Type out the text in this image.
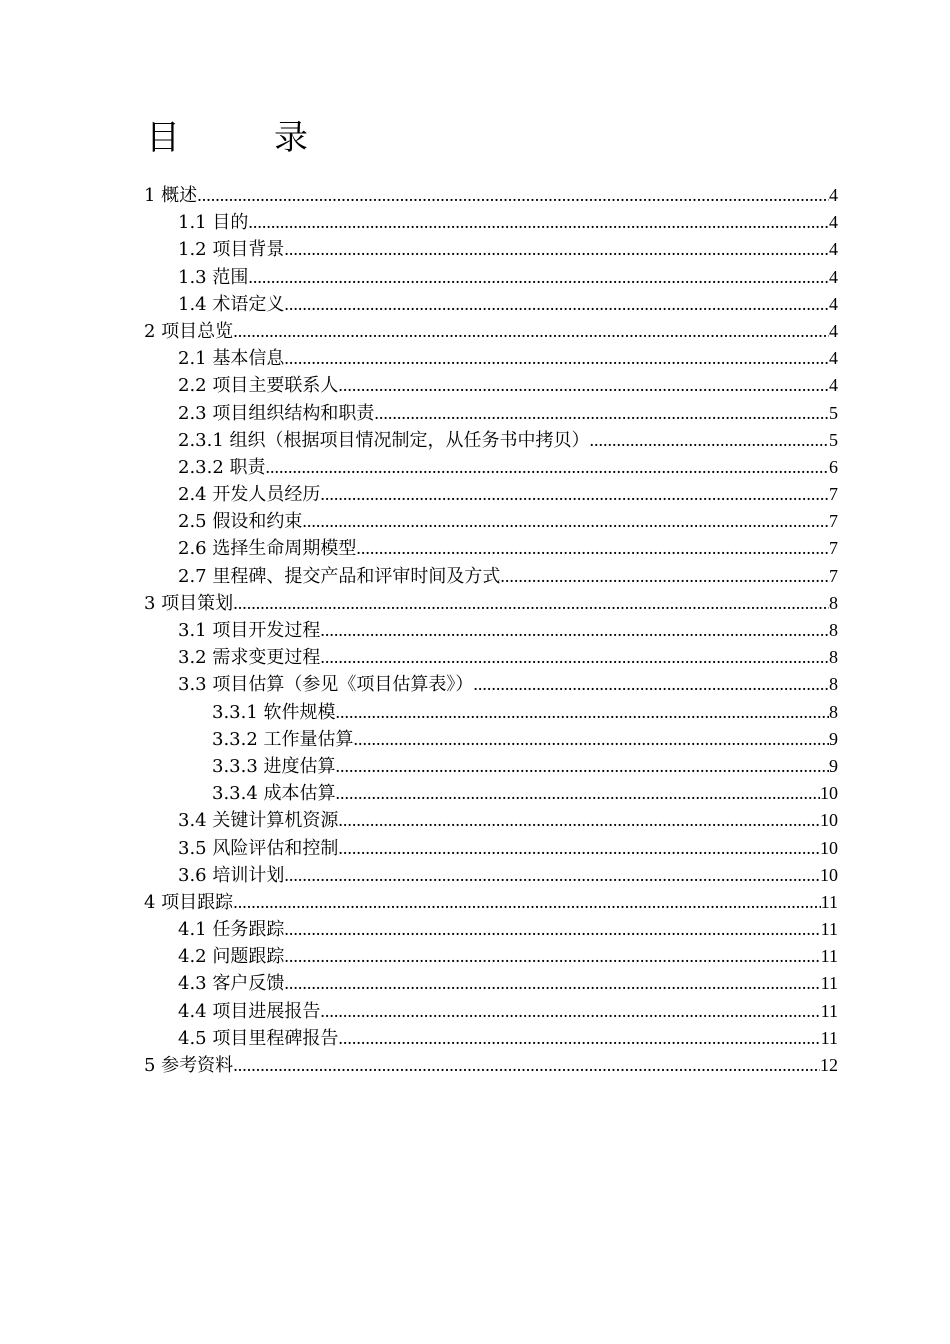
目　录
1 概述 .....	4
1.1 目的 .....	4
1.2 项目背景 .....	4
1.3 范围 .....	4
1.4 术语定义 .....	4
2 项目总览 .....	4
2.1 基本信息 .....	4
2.2 项目主要联系人 .....	4
2.3 项目组织结构和职责 .....	5
2.3.1 组织（根据项目情况制定，从任务书中拷贝） .....	5
2.3.2 职责 .....	6
2.4 开发人员经历 .....	7
2.5 假设和约束 .....	7
2.6 选择生命周期模型 .....	7
2.7 里程碑、提交产品和评审时间及方式 .....	7
3 项目策划 .....	8
3.1 项目开发过程 .....	8
3.2 需求变更过程 .....	8
3.3 项目估算（参见《项目估算表》） .....	8
3.3.1 软件规模 .....	8
3.3.2 工作量估算 .....	9
3.3.3 进度估算 .....	9
3.3.4 成本估算 .....	10
3.4 关键计算机资源 .....	10
3.5 风险评估和控制 .....	10
3.6 培训计划 .....	10
4 项目跟踪 .....	11
4.1 任务跟踪 .....	11
4.2 问题跟踪 .....	11
4.3 客户反馈 .....	11
4.4 项目进展报告 .....	11
4.5 项目里程碑报告 .....	11
5 参考资料 .....	12
